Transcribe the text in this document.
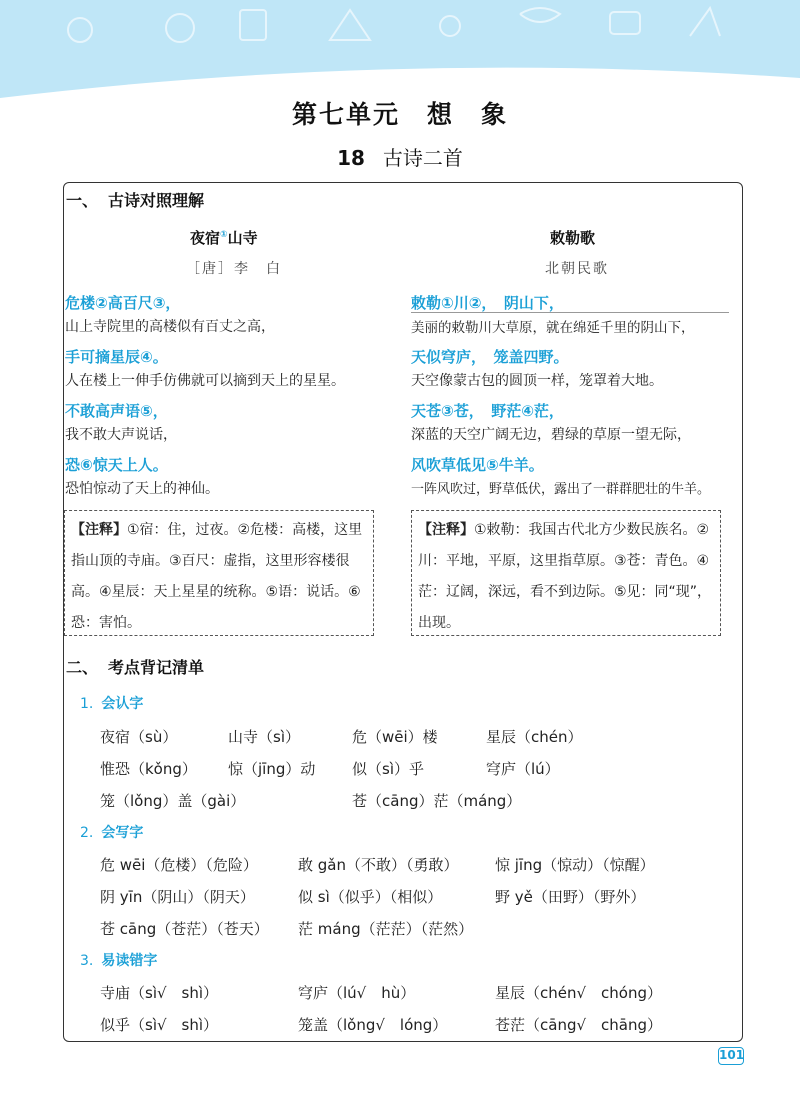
第七单元　想　象
18 古诗二首
一、 古诗对照理解
夜宿①山寺
［唐］李　白
危楼②高百尺③，
山上寺院里的高楼似有百丈之高，
手可摘星辰④。
人在楼上一伸手仿佛就可以摘到天上的星星。
不敢高声语⑤，
我不敢大声说话，
恐⑥惊天上人。
恐怕惊动了天上的神仙。
【注释】①宿：住，过夜。②危楼：高楼，这里指山顶的寺庙。③百尺：虚指，这里形容楼很高。④星辰：天上星星的统称。⑤语：说话。⑥恐：害怕。
敕勒歌
北朝民歌
敕勒①川②，　阴山下，
美丽的敕勒川大草原，就在绵延千里的阴山下，
天似穹庐，　笼盖四野。
天空像蒙古包的圆顶一样，笼罩着大地。
天苍③苍，　野茫④茫，
深蓝的天空广阔无边，碧绿的草原一望无际，
风吹草低见⑤牛羊。
一阵风吹过，野草低伏，露出了一群群肥壮的牛羊。
【注释】①敕勒：我国古代北方少数民族名。②川：平地，平原，这里指草原。③苍：青色。④茫：辽阔，深远，看不到边际。⑤见：同“现”，出现。
二、 考点背记清单
1. 会认字
夜宿（sù）	山寺（sì）	危（wēi）楼	星辰（chén）
惟恐（kǒng） 惊（jīng）动 似（sì）乎	穹庐（lú）
笼（lǒng）盖（gài）	苍（cāng）茫（máng）
2. 会写字
危 wēi（危楼）（危险）	敢 gǎn（不敢）（勇敢） 惊 jīng（惊动）（惊醒）
阴 yīn（阴山）（阴天）	似 sì（似乎）（相似）	野 yě（田野）（野外）
苍 cāng（苍茫）（苍天） 茫 máng（茫茫）（茫然）
3. 易读错字
寺庙（sì√　shì）	穹庐（lú√　hù）	星辰（chén√　chóng）
似乎（sì√　shì）	笼盖（lǒng√　lóng）	苍茫（cāng√　chāng）
101
